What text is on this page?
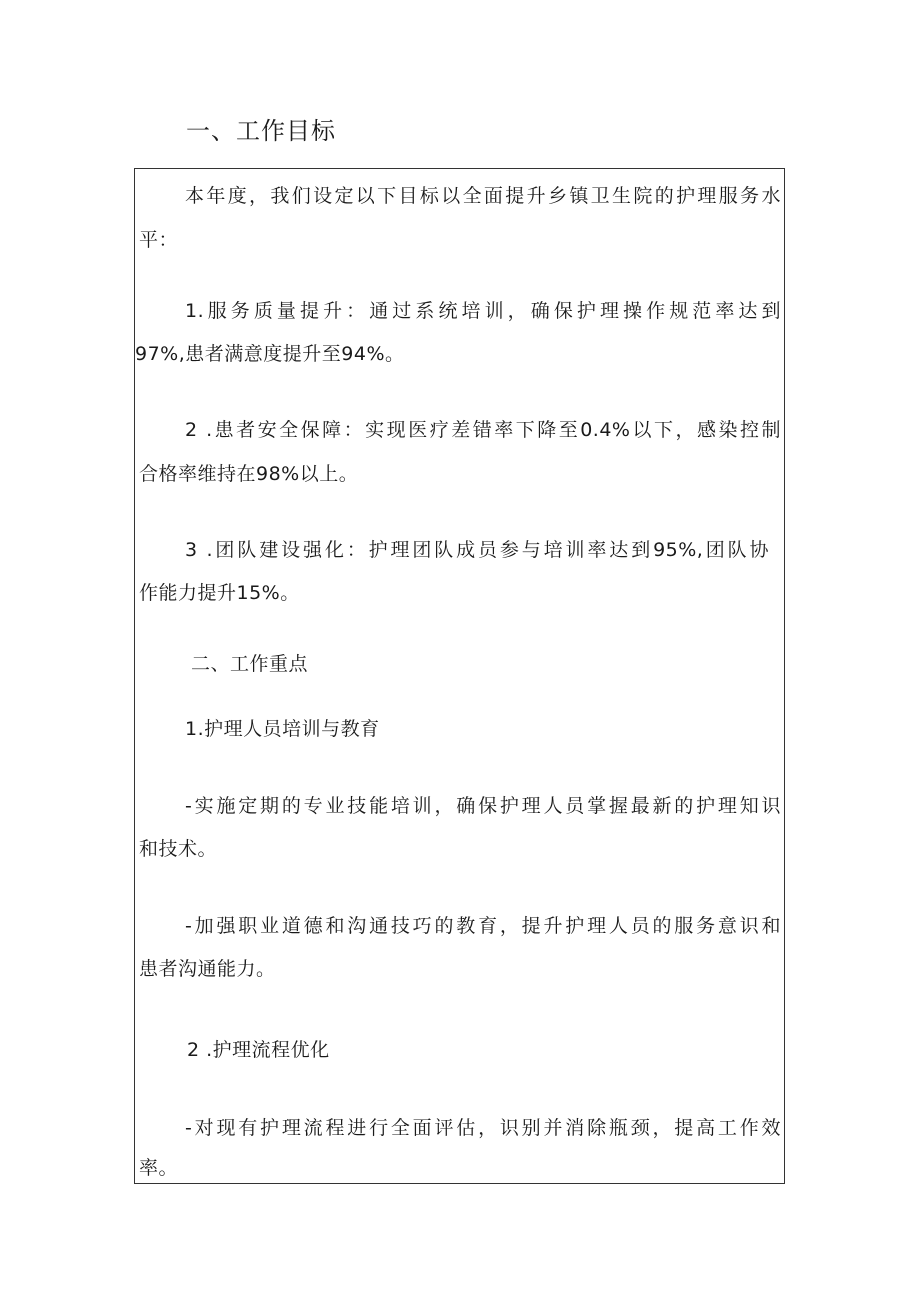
一、工作目标
本年度，我们设定以下目标以全面提升乡镇卫生院的护理服务水
平：
1.服务质量提升：通过系统培训，确保护理操作规范率达到
97%,患者满意度提升至94%。
2 .患者安全保障：实现医疗差错率下降至0.4%以下，感染控制
合格率维持在98%以上。
3 .团队建设强化：护理团队成员参与培训率达到95%,团队协
作能力提升15%。
二、工作重点
1.护理人员培训与教育
-实施定期的专业技能培训，确保护理人员掌握最新的护理知识
和技术。
-加强职业道德和沟通技巧的教育，提升护理人员的服务意识和
患者沟通能力。
2 .护理流程优化
-对现有护理流程进行全面评估，识别并消除瓶颈，提高工作效
率。
